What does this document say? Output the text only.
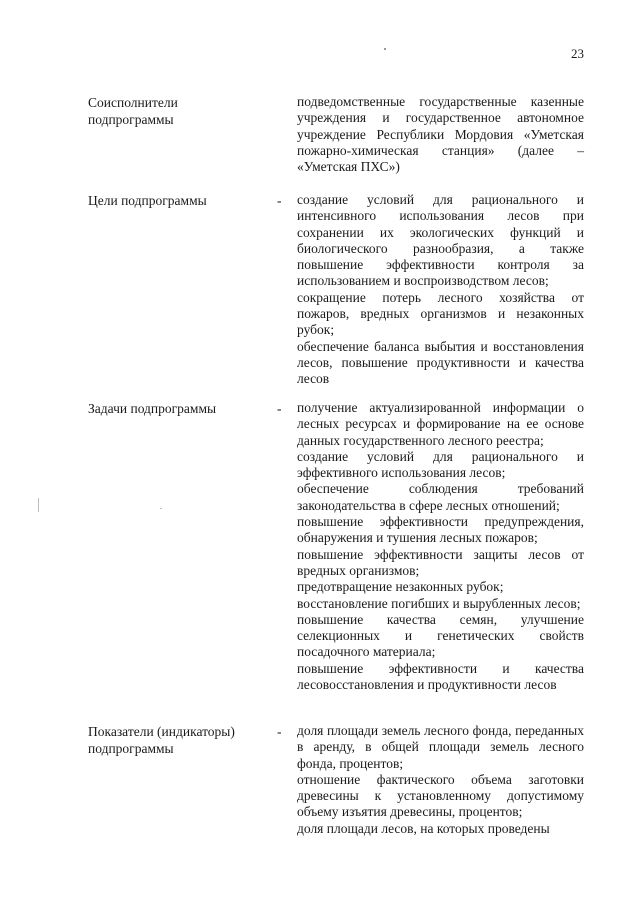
23
Соисполнители подпрограммы

подведомственные государственные казенные учреждения и государственное автономное учреждение Республики Мордовия «Уметская пожарно-химическая станция» (далее – «Уметская ПХС»)

Цели подпрограммы	- создание условий для рационального и интенсивного использования лесов при сохранении их экологических функций и биологического разнообразия, а также повышение эффективности контроля за использованием и воспроизводством лесов;

сокращение потерь лесного хозяйства от пожаров, вредных организмов и незаконных рубок;

обеспечение баланса выбытия и восстановления лесов, повышение продуктивности и качества лесов

Задачи подпрограммы	- получение актуализированной информации о лесных ресурсах и формирование на ее основе данных государственного лесного реестра;

создание условий для рационального и эффективного использования лесов;

обеспечение соблюдения требований законодательства в сфере лесных отношений;

повышение эффективности предупреждения, обнаружения и тушения лесных пожаров;

повышение эффективности защиты лесов от вредных организмов;

предотвращение незаконных рубок;

восстановление погибших и вырубленных лесов;

повышение качества семян, улучшение селекционных и генетических свойств посадочного материала;

повышение эффективности и качества лесовосстановления и продуктивности лесов

Показатели (индикаторы) подпрограммы
- доля площади земель лесного фонда, переданных в аренду, в общей площади земель лесного фонда, процентов;

отношение фактического объема заготовки древесины к установленному допустимому объему изъятия древесины, процентов;

доля площади лесов, на которых проведены
